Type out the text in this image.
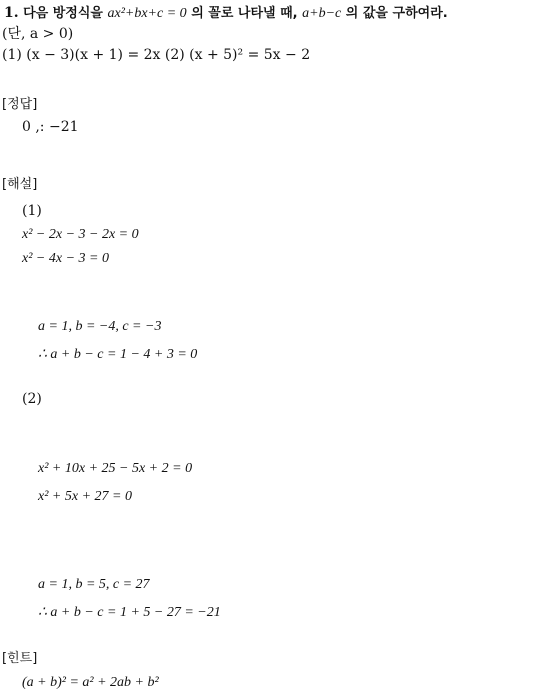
1. 다음 방정식을 ax²+bx+c = 0 의 꼴로 나타낼 때, a+b−c 의 값을 구하여라.
(단, a > 0)
(1) (x − 3)(x + 1) = 2x (2) (x + 5)² = 5x − 2
[정답]
0 ,: −21
[해설]
(1)
x² − 2x − 3 − 2x = 0
x² − 4x − 3 = 0
a = 1, b = −4, c = −3
∴ a + b − c = 1 − 4 + 3 = 0
(2)
x² + 10x + 25 − 5x + 2 = 0
x² + 5x + 27 = 0
a = 1, b = 5, c = 27
∴ a + b − c = 1 + 5 − 27 = −21
[힌트]
(a + b)² = a² + 2ab + b²
